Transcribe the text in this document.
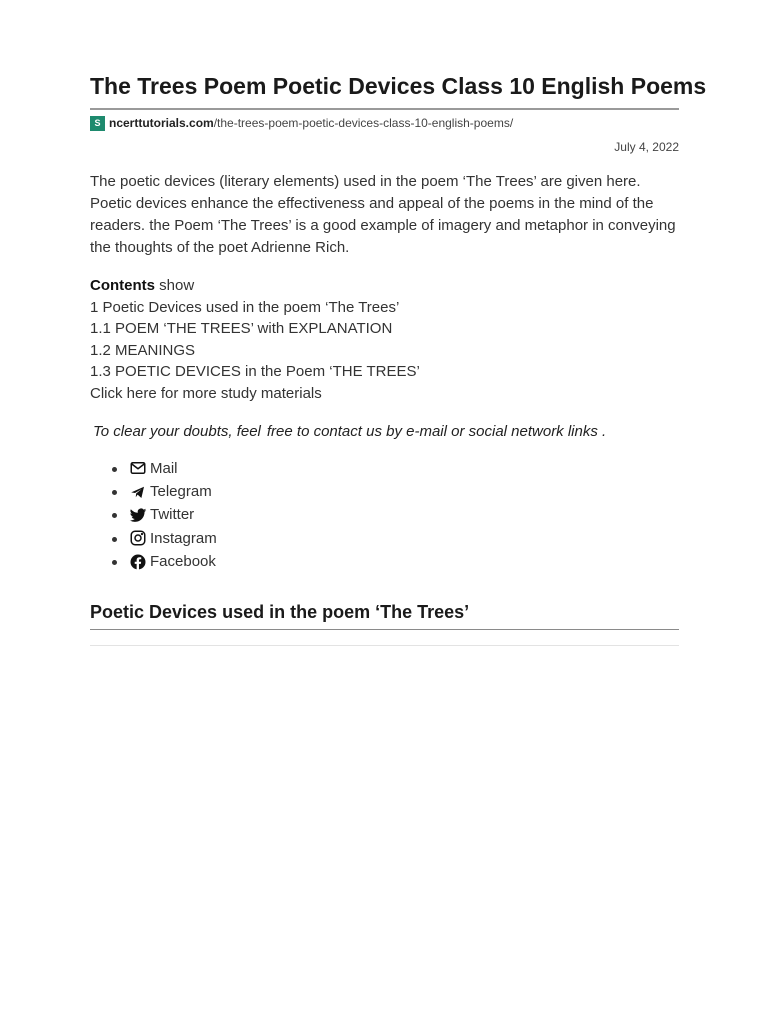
The Trees Poem Poetic Devices Class 10 English Poems
S ncerttutorials.com /the-trees-poem-poetic-devices-class-10-english-poems/
July 4, 2022

The poetic devices (literary elements) used in the poem ‘The Trees’ are given here. Poetic devices enhance the effectiveness and appeal of the poems in the mind of the readers. the Poem ‘The Trees’ is a good example of imagery and metaphor in conveying the thoughts of the poet Adrienne Rich.

Contents show
1 Poetic Devices used in the poem ‘The Trees’
1.1 POEM ‘THE TREES’ with EXPLANATION
1.2 MEANINGS
1.3 POETIC DEVICES in the Poem ‘THE TREES’
Click here for more study materials
To clear your doubts, feel free to contact us by e-mail or social network links .
Mail
Telegram
Twitter
Instagram
Facebook
Poetic Devices used in the poem ‘The Trees’
